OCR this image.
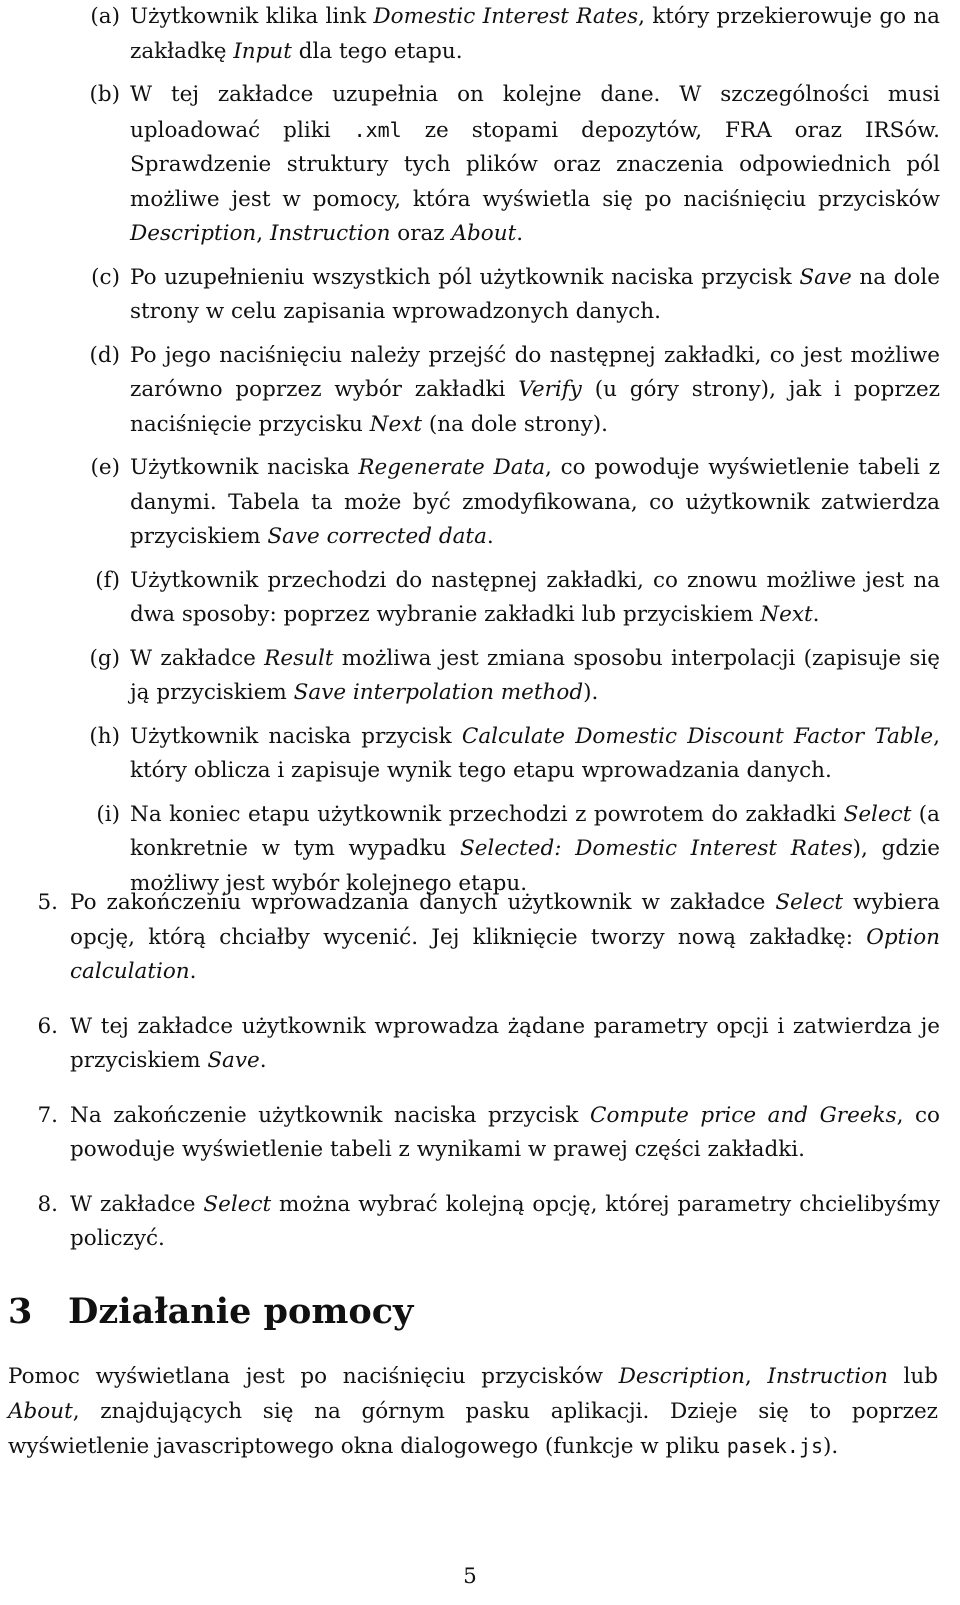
(a) Użytkownik klika link Domestic Interest Rates, który przekierowuje go na zakładkę Input dla tego etapu.
(b) W tej zakładce uzupełnia on kolejne dane. W szczególności musi uploadować pliki .xml ze stopami depozytów, FRA oraz IRSów. Sprawdzenie struktury tych plików oraz znaczenia odpowiednich pól możliwe jest w pomocy, która wyświetla się po naciśnięciu przycisków Description, Instruction oraz About.
(c) Po uzupełnieniu wszystkich pól użytkownik naciska przycisk Save na dole strony w celu zapisania wprowadzonych danych.
(d) Po jego naciśnięciu należy przejść do następnej zakładki, co jest możliwe zarówno poprzez wybór zakładki Verify (u góry strony), jak i poprzez naciśnięcie przycisku Next (na dole strony).
(e) Użytkownik naciska Regenerate Data, co powoduje wyświetlenie tabeli z danymi. Tabela ta może być zmodyfikowana, co użytkownik zatwierdza przyciskiem Save corrected data.
(f) Użytkownik przechodzi do następnej zakładki, co znowu możliwe jest na dwa sposoby: poprzez wybranie zakładki lub przyciskiem Next.
(g) W zakładce Result możliwa jest zmiana sposobu interpolacji (zapisuje się ją przyciskiem Save interpolation method).
(h) Użytkownik naciska przycisk Calculate Domestic Discount Factor Table, który oblicza i zapisuje wynik tego etapu wprowadzania danych.
(i) Na koniec etapu użytkownik przechodzi z powrotem do zakładki Select (a konkretnie w tym wypadku Selected: Domestic Interest Rates), gdzie możliwy jest wybór kolejnego etapu.
5. Po zakończeniu wprowadzania danych użytkownik w zakładce Select wybiera opcję, którą chciałby wycenić. Jej kliknięcie tworzy nową zakładkę: Option calculation.
6. W tej zakładce użytkownik wprowadza żądane parametry opcji i zatwierdza je przyciskiem Save.
7. Na zakończenie użytkownik naciska przycisk Compute price and Greeks, co powoduje wyświetlenie tabeli z wynikami w prawej części zakładki.
8. W zakładce Select można wybrać kolejną opcję, której parametry chcielibyśmy policzyć.
3 Działanie pomocy
Pomoc wyświetlana jest po naciśnięciu przycisków Description, Instruction lub About, znajdujących się na górnym pasku aplikacji. Dzieje się to poprzez wyświetlenie javascriptowego okna dialogowego (funkcje w pliku pasek.js).
5
